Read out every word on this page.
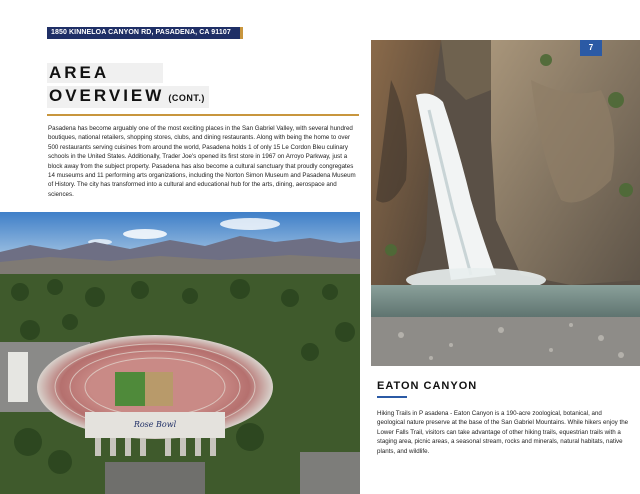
1850 KINNELOA CANYON RD, PASADENA, CA 91107
AREA
OVERVIEW (CONT.)

Pasadena has become arguably one of the most exciting places in the San Gabriel Valley, with several hundred boutiques, national retailers, shopping stores, clubs, and dining restaurants. Along with being the home to over 500 restaurants serving cuisines from around the world, Pasadena holds 1 of only 15 Le Cordon Bleu culinary schools in the United States. Additionally, Trader Joe's opened its first store in 1967 on Arroyo Parkway, just a block away from the subject property. Pasadena has also become a cultural sanctuary that proudly congregates 14 museums and 11 performing arts organizations, including the Norton Simon Museum and Pasadena Museum of History. The city has transformed into a cultural and educational hub for the arts, dining, aerospace and sciences.

Rose Bowl
7
EATON CANYON

Hiking Trails in P asadena - Eaton Canyon is a 190-acre zoological, botanical, and geological nature preserve at the base of the San Gabriel Mountains. While hikers enjoy the Lower Falls Trail, visitors can take advantage of other hiking trails, equestrian trails with a staging area, picnic areas, a seasonal stream, rocks and minerals, natural habitats, native plants, and wildlife.
